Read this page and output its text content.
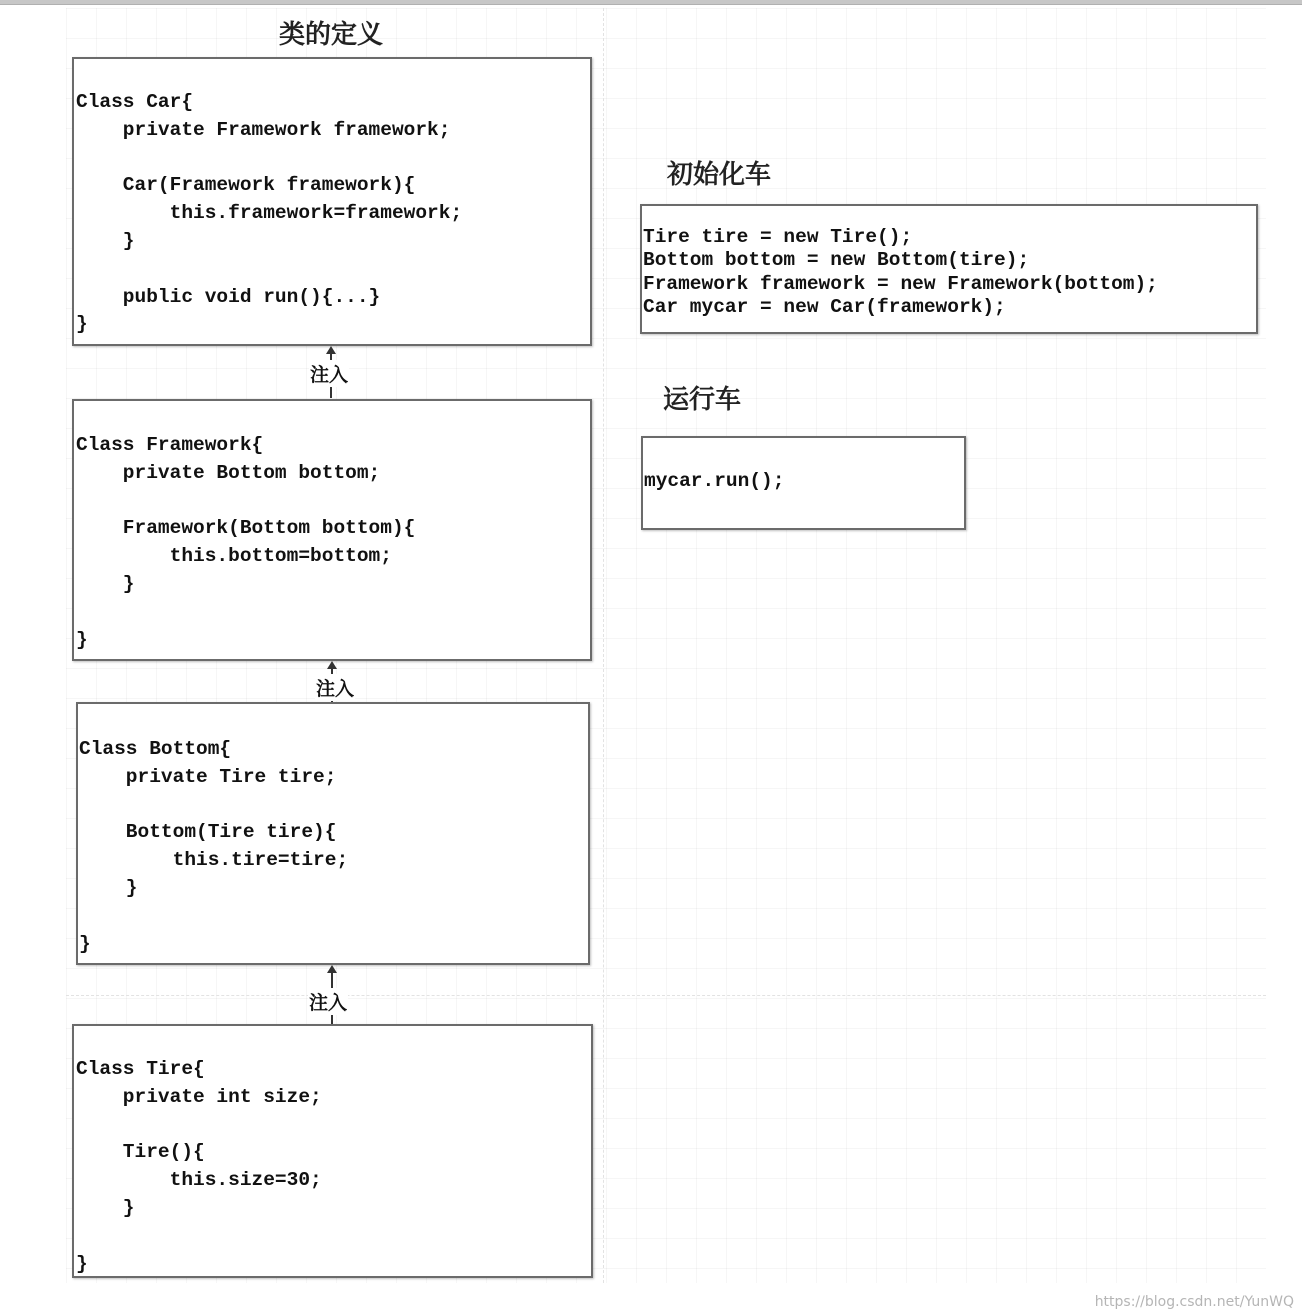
类的定义
Class Car{
private Framework framework;

Car(Framework framework){
this.framework=framework;
}

public void run(){...}
}
注入
Class Framework{
private Bottom bottom;

Framework(Bottom bottom){
this.bottom=bottom;
}

}
注入
Class Bottom{
private Tire tire;

Bottom(Tire tire){
this.tire=tire;
}

}
注入
Class Tire{
private int size;

Tire(){
this.size=30;
}

}
初始化车
Tire tire = new Tire();
Bottom bottom = new Bottom(tire);
Framework framework = new Framework(bottom);
Car mycar = new Car(framework);
运行车
mycar.run();
https://blog.csdn.net/YunWQ
